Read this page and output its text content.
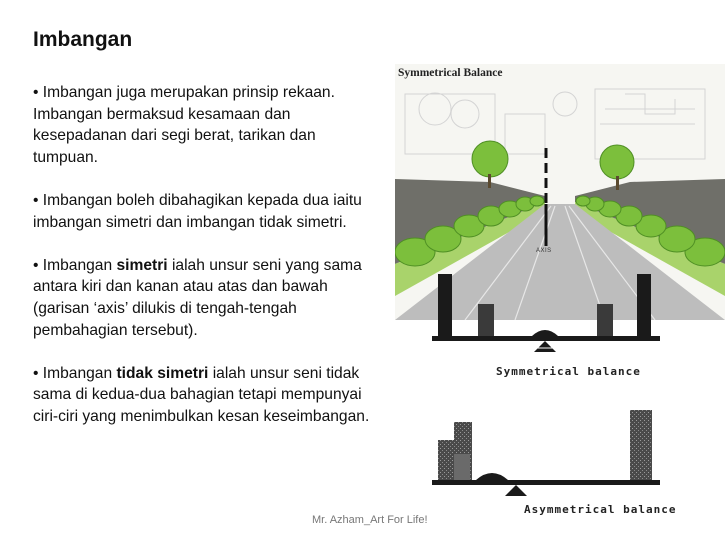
Imbangan

• Imbangan juga merupakan prinsip rekaan. Imbangan bermaksud kesamaan dan kesepadanan dari segi berat, tarikan dan tumpuan.

• Imbangan boleh dibahagikan kepada dua iaitu imbangan simetri dan imbangan tidak simetri.

• Imbangan simetri ialah unsur seni yang sama antara kiri dan kanan atau atas dan bawah (garisan ‘axis’ dilukis di tengah-tengah pembahagian tersebut).

• Imbangan tidak simetri ialah unsur seni tidak sama di kedua-dua bahagian tetapi mempunyai ciri-ciri yang menimbulkan kesan keseimbangan.

Symmetrical Balance
AXIS
Symmetrical balance
Asymmetrical balance
Mr. Azham_Art For Life!
